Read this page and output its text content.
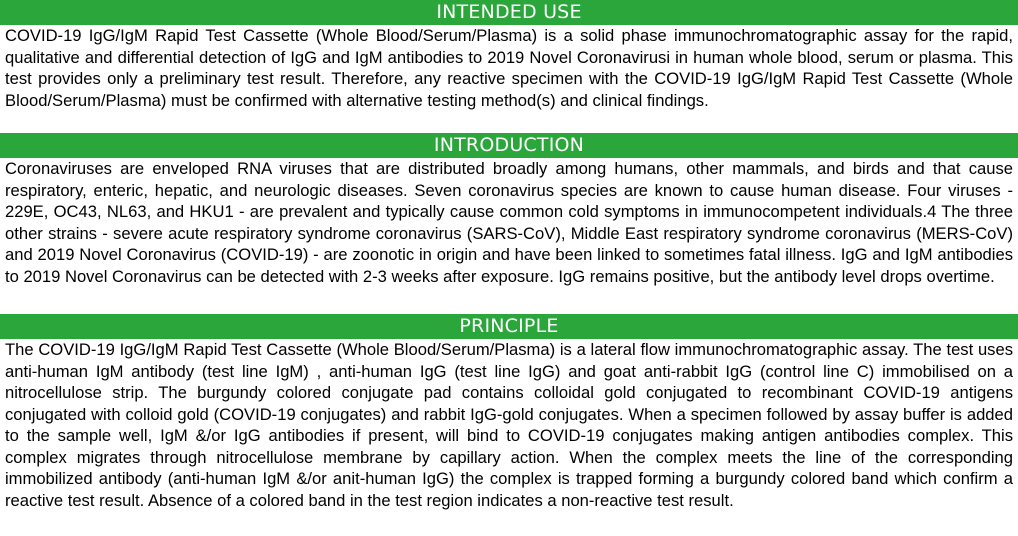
INTENDED USE

COVID-19 IgG/IgM Rapid Test Cassette (Whole Blood/Serum/Plasma) is a solid phase immunochromatographic assay for the rapid, qualitative and differential detection of IgG and IgM antibodies to 2019 Novel Coronavirusi in human whole blood, serum or plasma. This test provides only a preliminary test result. Therefore, any reactive specimen with the COVID-19 IgG/IgM Rapid Test Cassette (Whole Blood/Serum/Plasma) must be confirmed with alternative testing method(s) and clinical findings.

INTRODUCTION

Coronaviruses are enveloped RNA viruses that are distributed broadly among humans, other mammals, and birds and that cause respiratory, enteric, hepatic, and neurologic diseases. Seven coronavirus species are known to cause human disease. Four viruses - 229E, OC43, NL63, and HKU1 - are prevalent and typically cause common cold symptoms in immunocompetent individuals.4 The three other strains - severe acute respiratory syndrome coronavirus (SARS-CoV), Middle East respiratory syndrome coronavirus (MERS-CoV) and 2019 Novel Coronavirus (COVID-19) - are zoonotic in origin and have been linked to sometimes fatal illness. IgG and IgM antibodies to 2019 Novel Coronavirus can be detected with 2-3 weeks after exposure. IgG remains positive, but the antibody level drops overtime.

PRINCIPLE

The COVID-19 IgG/IgM Rapid Test Cassette (Whole Blood/Serum/Plasma) is a lateral flow immunochromatographic assay. The test uses anti-human IgM antibody (test line IgM) , anti-human IgG (test line IgG) and goat anti-rabbit IgG (control line C) immobilised on a nitrocellulose strip. The burgundy colored conjugate pad contains colloidal gold conjugated to recombinant COVID-19 antigens conjugated with colloid gold (COVID-19 conjugates) and rabbit IgG-gold conjugates. When a specimen followed by assay buffer is added to the sample well, IgM &/or IgG antibodies if present, will bind to COVID-19 conjugates making antigen antibodies complex. This complex migrates through nitrocellulose membrane by capillary action. When the complex meets the line of the corresponding immobilized antibody (anti-human IgM &/or anit-human IgG) the complex is trapped forming a burgundy colored band which confirm a reactive test result. Absence of a colored band in the test region indicates a non-reactive test result.
